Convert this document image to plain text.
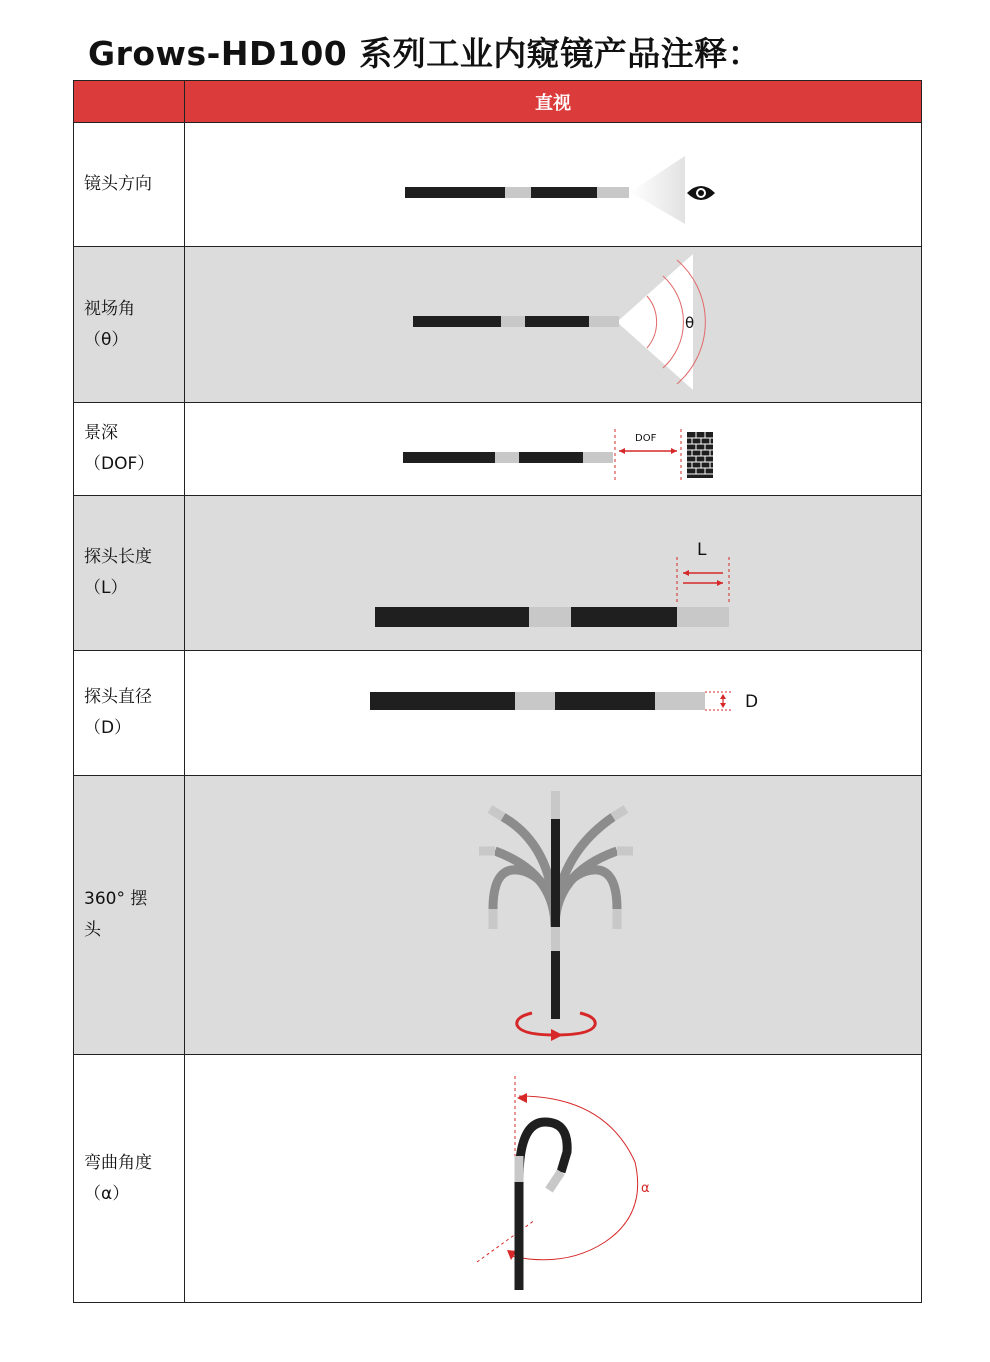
Grows-HD100 系列工业内窥镜产品注释：
	直视

镜头方向

视场角
（θ）	θ

景深
（DOF）	DOF

探头长度
（L）	L

探头直径
（D）	D

360° 摆
头

弯曲角度
（α）	α
